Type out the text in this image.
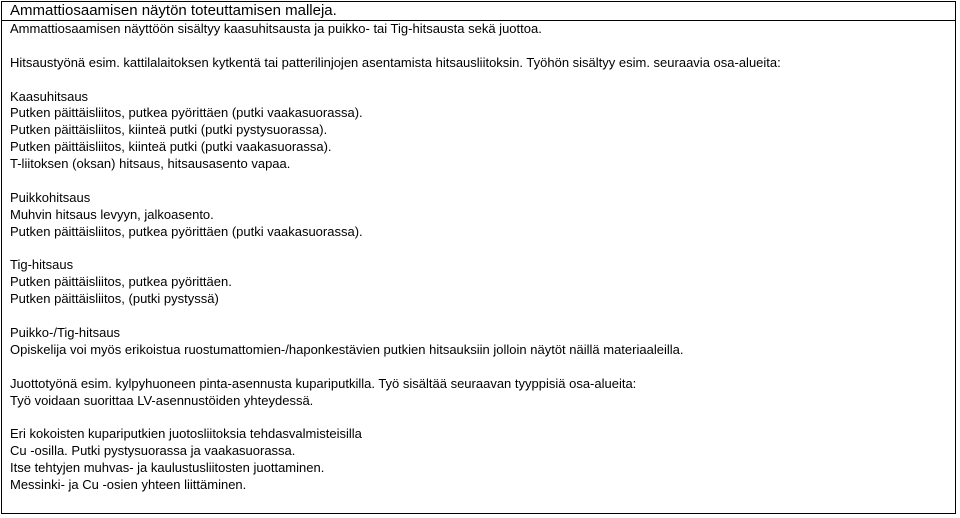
Ammattiosaamisen näytön toteuttamisen malleja.
Ammattiosaamisen näyttöön sisältyy kaasuhitsausta ja puikko- tai Tig-hitsausta sekä juottoa.
Hitsaustyönä esim. kattilalaitoksen kytkentä tai patterilinjojen asentamista hitsausliitoksin. Työhön sisältyy esim. seuraavia osa-alueita:
Kaasuhitsaus
Putken päittäisliitos, putkea pyörittäen (putki vaakasuorassa).
Putken päittäisliitos, kiinteä putki (putki pystysuorassa).
Putken päittäisliitos, kiinteä putki (putki vaakasuorassa).
T-liitoksen (oksan) hitsaus, hitsausasento vapaa.
Puikkohitsaus
Muhvin hitsaus levyyn, jalkoasento.
Putken päittäisliitos, putkea pyörittäen (putki vaakasuorassa).
Tig-hitsaus
Putken päittäisliitos, putkea pyörittäen.
Putken päittäisliitos, (putki pystyssä)
Puikko-/Tig-hitsaus
Opiskelija voi myös erikoistua ruostumattomien-/haponkestävien putkien hitsauksiin jolloin näytöt näillä materiaaleilla.
Juottotyönä esim. kylpyhuoneen pinta-asennusta kupariputkilla. Työ sisältää seuraavan tyyppisiä osa-alueita:
Työ voidaan suorittaa LV-asennustöiden yhteydessä.
Eri kokoisten kupariputkien juotosliitoksia tehdasvalmisteisilla
Cu -osilla. Putki pystysuorassa ja vaakasuorassa.
Itse tehtyjen muhvas- ja kaulustusliitosten juottaminen.
Messinki- ja Cu -osien yhteen liittäminen.
